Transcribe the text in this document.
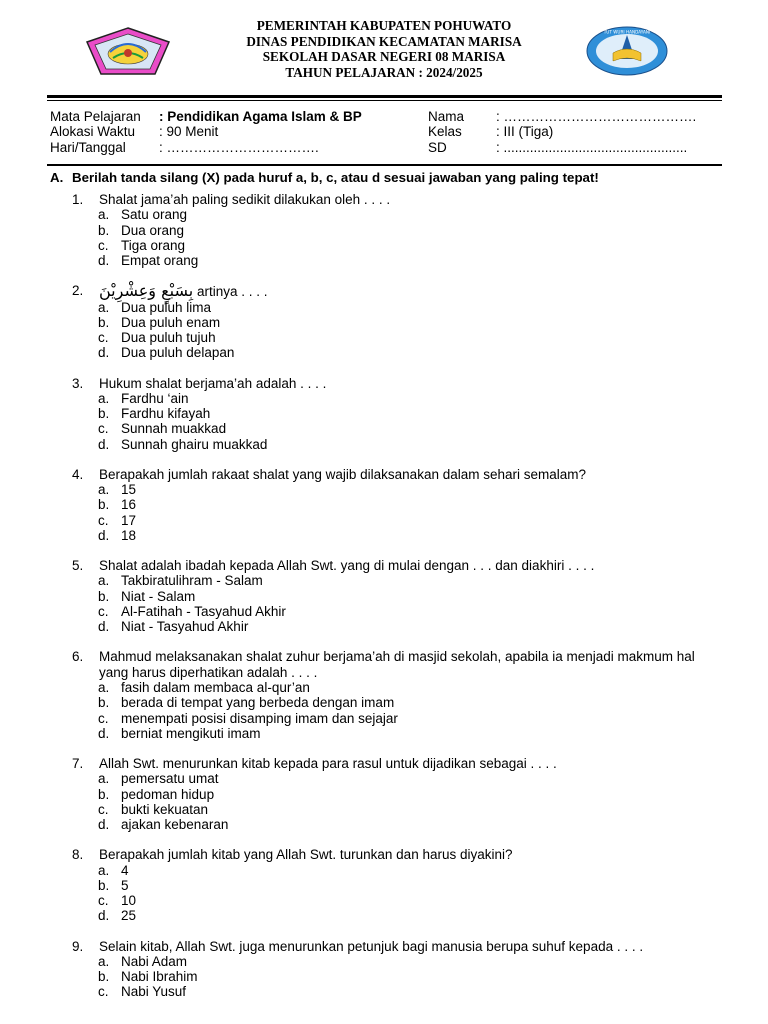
TUT WURI HANDAYANI
PEMERINTAH KABUPATEN POHUWATO
DINAS PENDIDIKAN KECAMATAN MARISA
SEKOLAH DASAR NEGERI 08 MARISA
TAHUN PELAJARAN : 2024/2025
Mata Pelajaran
Alokasi Waktu
Hari/Tanggal
: Pendidikan Agama Islam & BP
: 90 Menit
: …………………………….
Nama
Kelas
SD
: …………………………………….
: III (Tiga)
: .................................................
A. Berilah tanda silang (X) pada huruf a, b, c, atau d sesuai jawaban yang paling tepat!
1. Shalat jama’ah paling sedikit dilakukan oleh . . . .
a. Satu orang
b. Dua orang
c. Tiga orang
d. Empat orang
2. بِسَبْعٍ وَعِشْرِيْنَ artinya . . . .
a. Dua puluh lima
b. Dua puluh enam
c. Dua puluh tujuh
d. Dua puluh delapan
3. Hukum shalat berjama’ah adalah . . . .
a. Fardhu ‘ain
b. Fardhu kifayah
c. Sunnah muakkad
d. Sunnah ghairu muakkad
4. Berapakah jumlah rakaat shalat yang wajib dilaksanakan dalam sehari semalam?
a. 15
b. 16
c. 17
d. 18
5. Shalat adalah ibadah kepada Allah Swt. yang di mulai dengan . . . dan diakhiri . . . .
a. Takbiratulihram - Salam
b. Niat - Salam
c. Al-Fatihah - Tasyahud Akhir
d. Niat - Tasyahud Akhir
6. Mahmud melaksanakan shalat zuhur berjama’ah di masjid sekolah, apabila ia menjadi makmum hal yang harus diperhatikan adalah . . . .
a. fasih dalam membaca al-qur’an
b. berada di tempat yang berbeda dengan imam
c. menempati posisi disamping imam dan sejajar
d. berniat mengikuti imam
7. Allah Swt. menurunkan kitab kepada para rasul untuk dijadikan sebagai . . . .
a. pemersatu umat
b. pedoman hidup
c. bukti kekuatan
d. ajakan kebenaran
8. Berapakah jumlah kitab yang Allah Swt. turunkan dan harus diyakini?
a. 4
b. 5
c. 10
d. 25
9. Selain kitab, Allah Swt. juga menurunkan petunjuk bagi manusia berupa suhuf kepada . . . .
a. Nabi Adam
b. Nabi Ibrahim
c. Nabi Yusuf
